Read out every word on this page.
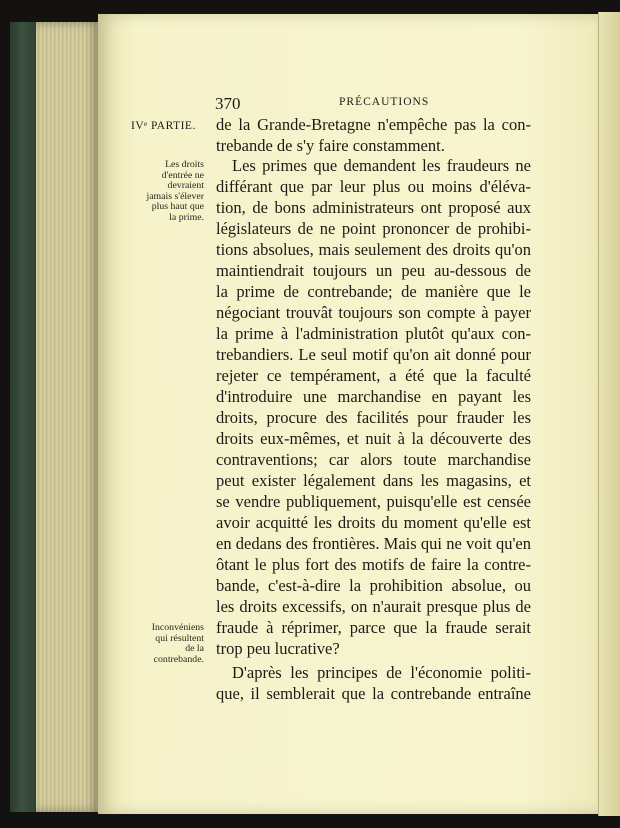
370	PRÉCAUTIONS
IVᵉ PARTIE.
Les droits
d'entrée ne
devraient
jamais s'élever
plus haut que
la prime.
Inconvéniens
qui résultent
de la
contrebande.
de la Grande-Bretagne n'empêche pas la con-
trebande de s'y faire constamment.
Les primes que demandent les fraudeurs ne
différant que par leur plus ou moins d'éléva-
tion, de bons administrateurs ont proposé aux
législateurs de ne point prononcer de prohibi-
tions absolues, mais seulement des droits qu'on
maintiendrait toujours un peu au-dessous de
la prime de contrebande; de manière que le
négociant trouvât toujours son compte à payer
la prime à l'administration plutôt qu'aux con-
trebandiers. Le seul motif qu'on ait donné pour
rejeter ce tempérament, a été que la faculté
d'introduire une marchandise en payant les
droits, procure des facilités pour frauder les
droits eux-mêmes, et nuit à la découverte des
contraventions; car alors toute marchandise
peut exister légalement dans les magasins, et
se vendre publiquement, puisqu'elle est censée
avoir acquitté les droits du moment qu'elle est
en dedans des frontières. Mais qui ne voit qu'en
ôtant le plus fort des motifs de faire la contre-
bande, c'est-à-dire la prohibition absolue, ou
les droits excessifs, on n'aurait presque plus de
fraude à réprimer, parce que la fraude serait
trop peu lucrative?
D'après les principes de l'économie politi-
que, il semblerait que la contrebande entraîne
